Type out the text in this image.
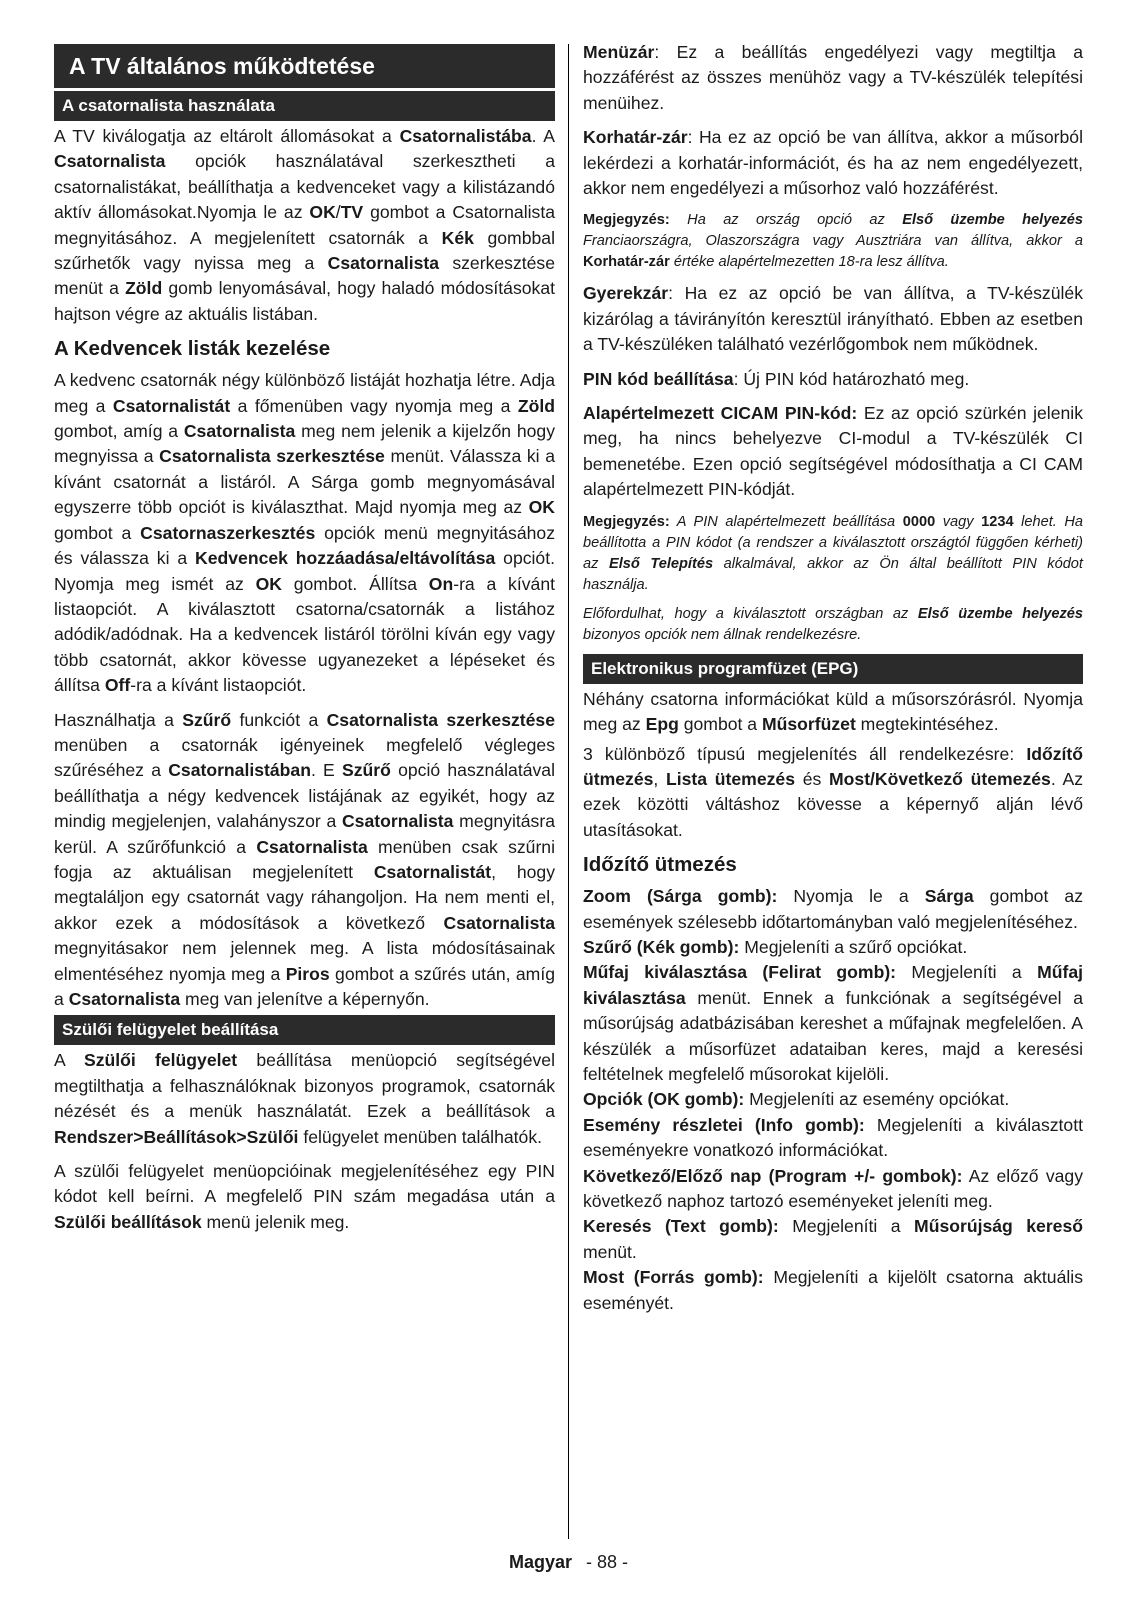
A TV általános működtetése
A csatornalista használata

A TV kiválogatja az eltárolt állomásokat a Csatornalistába. A Csatornalista opciók használatával szerkesztheti a csatornalistákat, beállíthatja a kedvenceket vagy a kilistázandó aktív állomásokat.Nyomja le az OK/TV gombot a Csatornalista megnyitásához. A megjelenített csatornák a Kék gombbal szűrhetők vagy nyissa meg a Csatornalista szerkesztése menüt a Zöld gomb lenyomásával, hogy haladó módosításokat hajtson végre az aktuális listában.

A Kedvencek listák kezelése

A kedvenc csatornák négy különböző listáját hozhatja létre. Adja meg a Csatornalistát a főmenüben vagy nyomja meg a Zöld gombot, amíg a Csatornalista meg nem jelenik a kijelzőn hogy megnyissa a Csatornalista szerkesztése menüt. Válassza ki a kívánt csatornát a listáról. A Sárga gomb megnyomásával egyszerre több opciót is kiválaszthat. Majd nyomja meg az OK gombot a Csatornaszerkesztés opciók menü megnyitásához és válassza ki a Kedvencek hozzáadása/eltávolítása opciót. Nyomja meg ismét az OK gombot. Állítsa On-ra a kívánt listaopciót. A kiválasztott csatorna/csatornák a listához adódik/adódnak. Ha a kedvencek listáról törölni kíván egy vagy több csatornát, akkor kövesse ugyanezeket a lépéseket és állítsa Off-ra a kívánt listaopciót.

Használhatja a Szűrő funkciót a Csatornalista szerkesztése menüben a csatornák igényeinek megfelelő végleges szűréséhez a Csatornalistában. E Szűrő opció használatával beállíthatja a négy kedvencek listájának az egyikét, hogy az mindig megjelenjen, valahányszor a Csatornalista megnyitásra kerül. A szűrőfunkció a Csatornalista menüben csak szűrni fogja az aktuálisan megjelenített Csatornalistát, hogy megtaláljon egy csatornát vagy ráhangoljon. Ha nem menti el, akkor ezek a módosítások a következő Csatornalista megnyitásakor nem jelennek meg. A lista módosításainak elmentéséhez nyomja meg a Piros gombot a szűrés után, amíg a Csatornalista meg van jelenítve a képernyőn.

Szülői felügyelet beállítása

A Szülői felügyelet beállítása menüopció segítségével megtilthatja a felhasználóknak bizonyos programok, csatornák nézését és a menük használatát. Ezek a beállítások a Rendszer>Beállítások>Szülői felügyelet menüben találhatók.

A szülői felügyelet menüopcióinak megjelenítéséhez egy PIN kódot kell beírni. A megfelelő PIN szám megadása után a Szülői beállítások menü jelenik meg.

Menüzár: Ez a beállítás engedélyezi vagy megtiltja a hozzáférést az összes menühöz vagy a TV-készülék telepítési menüihez.

Korhatár-zár: Ha ez az opció be van állítva, akkor a műsorból lekérdezi a korhatár-információt, és ha az nem engedélyezett, akkor nem engedélyezi a műsorhoz való hozzáférést.

Megjegyzés: Ha az ország opció az Első üzembe helyezés Franciaországra, Olaszországra vagy Ausztriára van állítva, akkor a Korhatár-zár értéke alapértelmezetten 18-ra lesz állítva.

Gyerekzár: Ha ez az opció be van állítva, a TV-készülék kizárólag a távirányítón keresztül irányítható. Ebben az esetben a TV-készüléken található vezérlőgombok nem működnek.

PIN kód beállítása: Új PIN kód határozható meg.

Alapértelmezett CICAM PIN-kód: Ez az opció szürkén jelenik meg, ha nincs behelyezve CI-modul a TV-készülék CI bemenetébe. Ezen opció segítségével módosíthatja a CI CAM alapértelmezett PIN-kódját.

Megjegyzés: A PIN alapértelmezett beállítása 0000 vagy 1234 lehet. Ha beállította a PIN kódot (a rendszer a kiválasztott országtól függően kérheti) az Első Telepítés alkalmával, akkor az Ön által beállított PIN kódot használja.

Előfordulhat, hogy a kiválasztott országban az Első üzembe helyezés bizonyos opciók nem állnak rendelkezésre.

Elektronikus programfüzet (EPG)

Néhány csatorna információkat küld a műsorszórásról. Nyomja meg az Epg gombot a Műsorfüzet megtekintéséhez.

3 különböző típusú megjelenítés áll rendelkezésre: Időzítő ütmezés, Lista ütemezés és Most/Következő ütemezés. Az ezek közötti váltáshoz kövesse a képernyő alján lévő utasításokat.

Időzítő ütmezés

Zoom (Sárga gomb): Nyomja le a Sárga gombot az események szélesebb időtartományban való megjelenítéséhez.

Szűrő (Kék gomb): Megjeleníti a szűrő opciókat.

Műfaj kiválasztása (Felirat gomb): Megjeleníti a Műfaj kiválasztása menüt. Ennek a funkciónak a segítségével a műsorújság adatbázisában kereshet a műfajnak megfelelően. A készülék a műsorfüzet adataiban keres, majd a keresési feltételnek megfelelő műsorokat kijelöli.

Opciók (OK gomb): Megjeleníti az esemény opciókat.

Esemény részletei (Info gomb): Megjeleníti a kiválasztott eseményekre vonatkozó információkat.

Következő/Előző nap (Program +/- gombok): Az előző vagy következő naphoz tartozó eseményeket jeleníti meg.

Keresés (Text gomb): Megjeleníti a Műsorújság kereső menüt.

Most (Forrás gomb): Megjeleníti a kijelölt csatorna aktuális eseményét.

Magyar - 88 -
